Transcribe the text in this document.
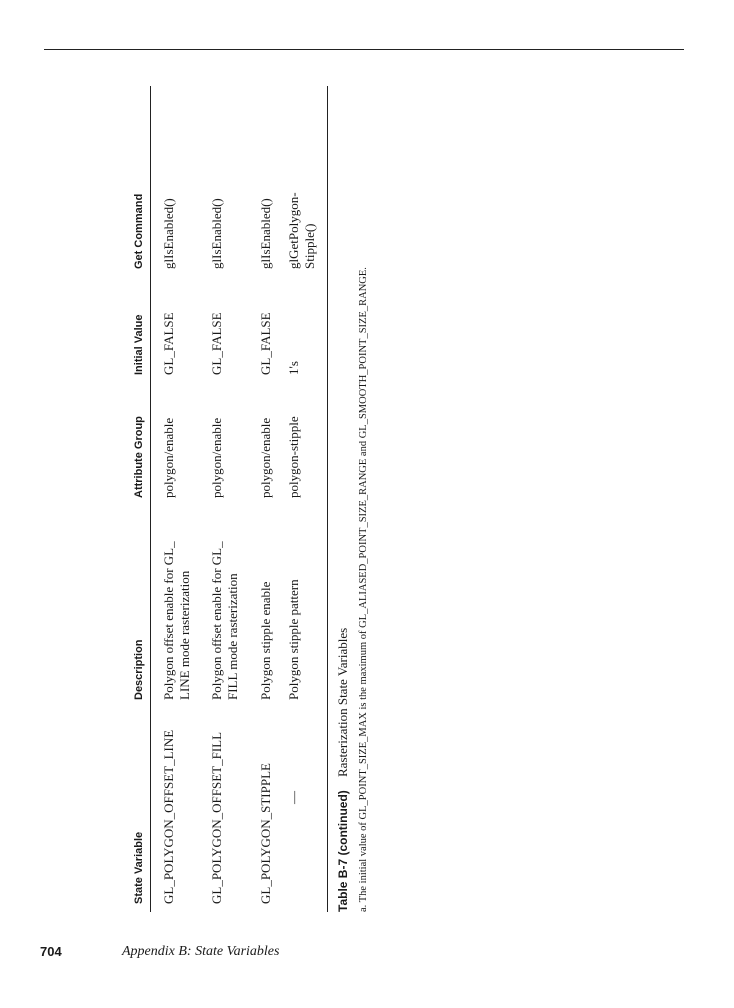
State Variable
Description
Attribute Group
Initial Value
Get Command
GL_POLYGON_OFFSET_LINE
Polygon offset enable for GL_ LINE mode rasterization
polygon/enable
GL_FALSE
glIsEnabled()
GL_POLYGON_OFFSET_FILL
Polygon offset enable for GL_ FILL mode rasterization
polygon/enable
GL_FALSE
glIsEnabled()
GL_POLYGON_STIPPLE
Polygon stipple enable
polygon/enable
GL_FALSE
glIsEnabled()
—
Polygon stipple pattern
polygon-stipple
1's
glGetPolygon- Stipple()
Table B-7 (continued)
Rasterization State Variables a. The initial value of GL_POINT_SIZE_MAX is the maximum of GL_ALIASED_POINT_SIZE_RANGE and GL_SMOOTH_POINT_SIZE_RANGE.
704	Appendix B: State Variables
